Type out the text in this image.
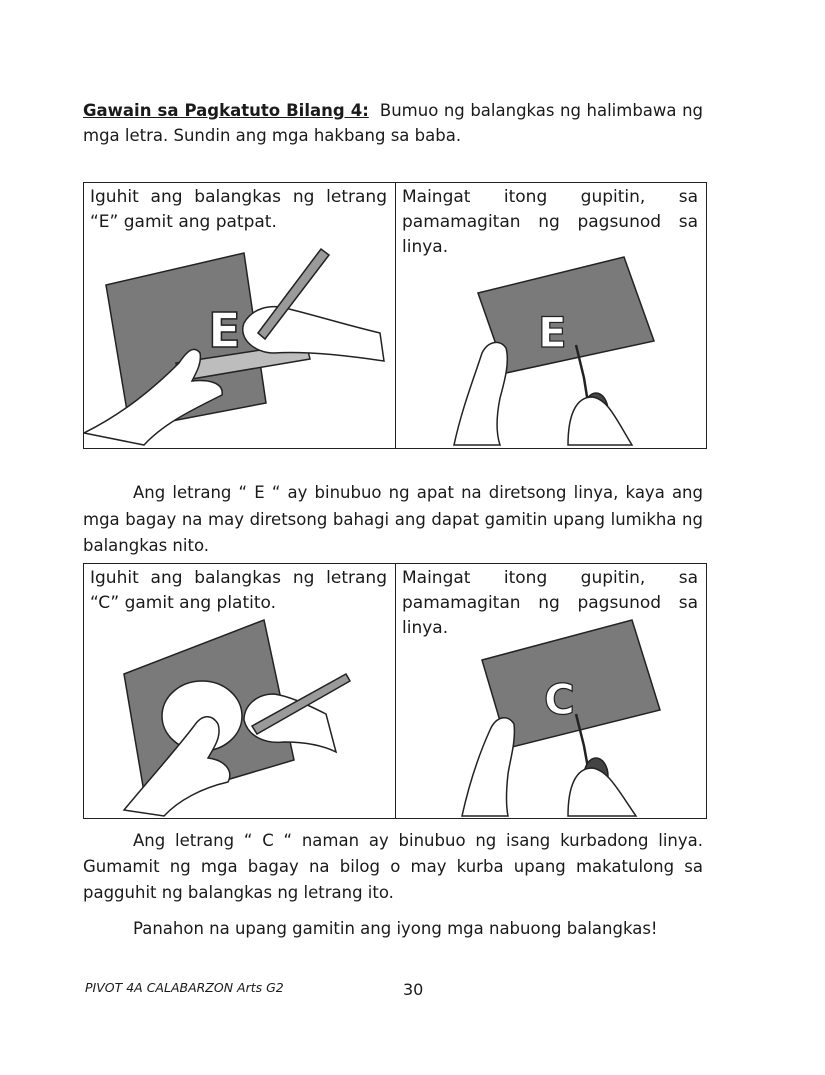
Gawain sa Pagkatuto Bilang 4: Bumuo ng balangkas ng halimbawa ng mga letra. Sundin ang mga hakbang sa baba.

Iguhit ang balangkas ng letrang “E” gamit ang patpat.

E

Maingat itong gupitin, sa pamamagitan ng pagsunod sa linya.

E

Ang letrang “ E “ ay binubuo ng apat na diretsong linya, kaya ang mga bagay na may diretsong bahagi ang dapat gamitin upang lumikha ng balangkas nito.

Iguhit ang balangkas ng letrang “C” gamit ang platito.

Maingat itong gupitin, sa pamamagitan ng pagsunod sa linya.

C

Ang letrang “ C “ naman ay binubuo ng isang kurbadong linya. Gumamit ng mga bagay na bilog o may kurba upang makatulong sa pagguhit ng balangkas ng letrang ito.

Panahon na upang gamitin ang iyong mga nabuong balangkas!

PIVOT 4A CALABARZON Arts G2	30
